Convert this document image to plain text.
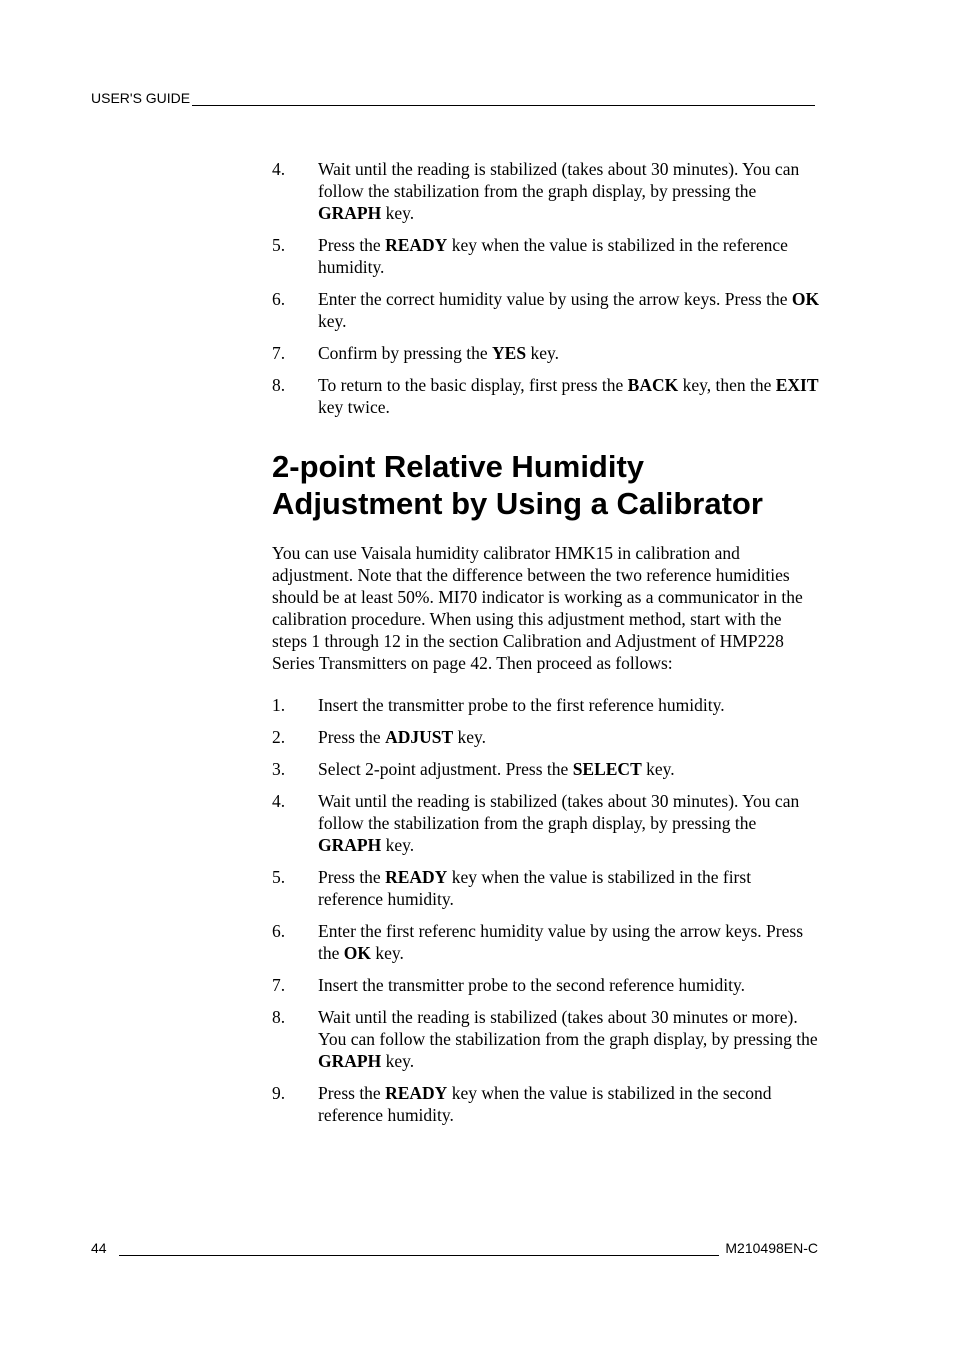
USER'S GUIDE
4.	Wait until the reading is stabilized (takes about 30 minutes). You can follow the stabilization from the graph display, by pressing the GRAPH key.
5.	Press the READY key when the value is stabilized in the reference humidity.
6.	Enter the correct humidity value by using the arrow keys. Press the OK key.
7.	Confirm by pressing the YES key.
8.	To return to the basic display, first press the BACK key, then the EXIT key twice.
2-point Relative Humidity
Adjustment by Using a Calibrator

You can use Vaisala humidity calibrator HMK15 in calibration and adjustment. Note that the difference between the two reference humidities should be at least 50%. MI70 indicator is working as a communicator in the calibration procedure. When using this adjustment method, start with the steps 1 through 12 in the section Calibration and Adjustment of HMP228 Series Transmitters on page 42. Then proceed as follows:

1.	Insert the transmitter probe to the first reference humidity.
2.	Press the ADJUST key.
3.	Select 2-point adjustment. Press the SELECT key.
4.	Wait until the reading is stabilized (takes about 30 minutes). You can follow the stabilization from the graph display, by pressing the GRAPH key.
5.	Press the READY key when the value is stabilized in the first reference humidity.
6.	Enter the first referenc humidity value by using the arrow keys. Press the OK key.
7.	Insert the transmitter probe to the second reference humidity.
8.	Wait until the reading is stabilized (takes about 30 minutes or more). You can follow the stabilization from the graph display, by pressing the GRAPH key.
9.	Press the READY key when the value is stabilized in the second reference humidity.
44	M210498EN-C
